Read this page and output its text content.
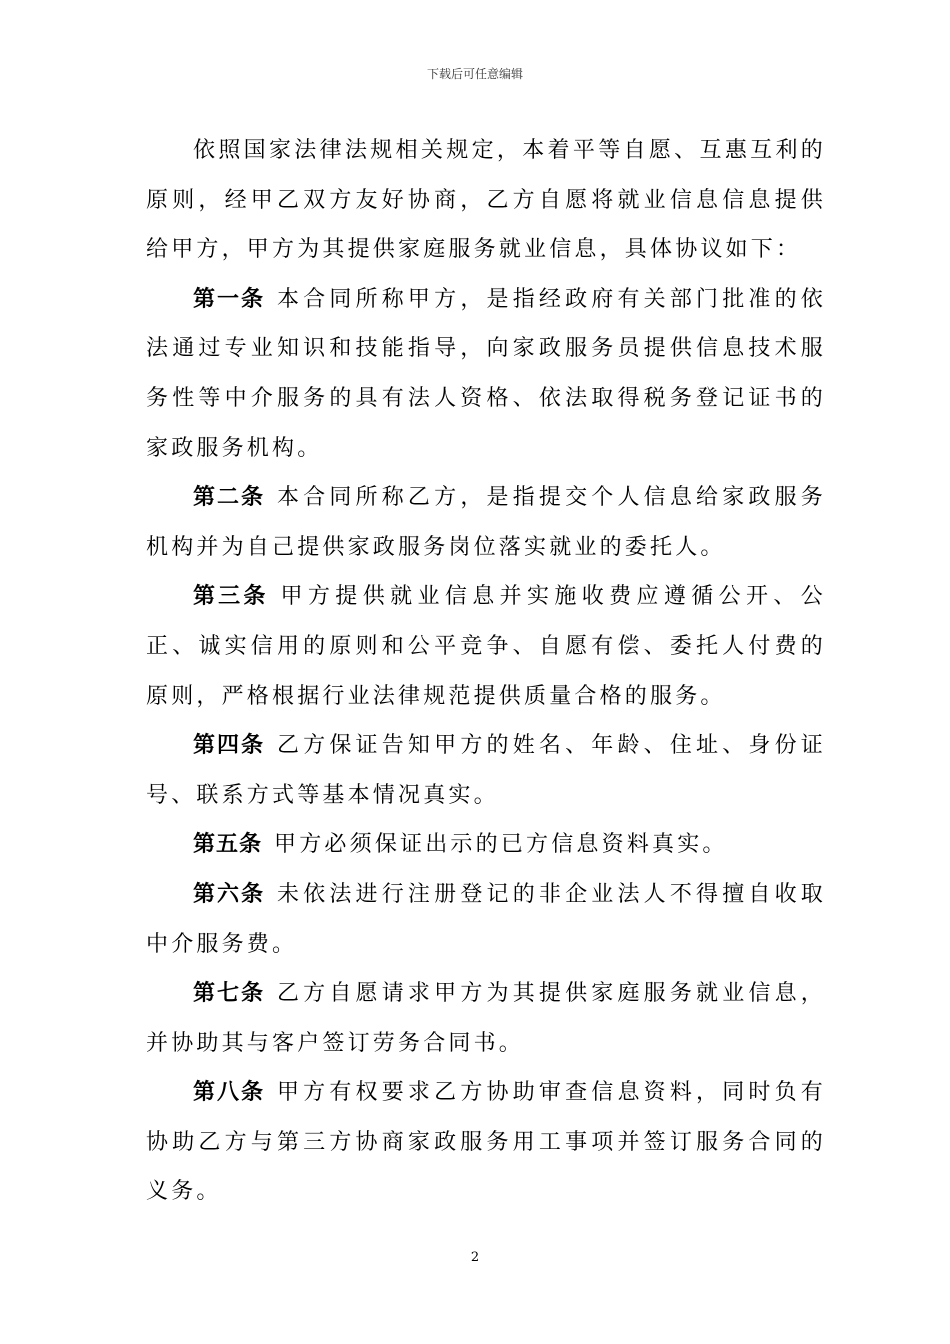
下载后可任意编辑

依照国家法律法规相关规定，本着平等自愿、互惠互利的原则，经甲乙双方友好协商，乙方自愿将就业信息信息提供给甲方，甲方为其提供家庭服务就业信息，具体协议如下：

第一条 本合同所称甲方，是指经政府有关部门批准的依法通过专业知识和技能指导，向家政服务员提供信息技术服务性等中介服务的具有法人资格、依法取得税务登记证书的家政服务机构。

第二条 本合同所称乙方，是指提交个人信息给家政服务机构并为自己提供家政服务岗位落实就业的委托人。

第三条 甲方提供就业信息并实施收费应遵循公开、公正、诚实信用的原则和公平竞争、自愿有偿、委托人付费的原则，严格根据行业法律规范提供质量合格的服务。

第四条 乙方保证告知甲方的姓名、年龄、住址、身份证号、联系方式等基本情况真实。

第五条 甲方必须保证出示的已方信息资料真实。

第六条 未依法进行注册登记的非企业法人不得擅自收取中介服务费。

第七条 乙方自愿请求甲方为其提供家庭服务就业信息，并协助其与客户签订劳务合同书。

第八条 甲方有权要求乙方协助审查信息资料，同时负有协助乙方与第三方协商家政服务用工事项并签订服务合同的义务。

2
